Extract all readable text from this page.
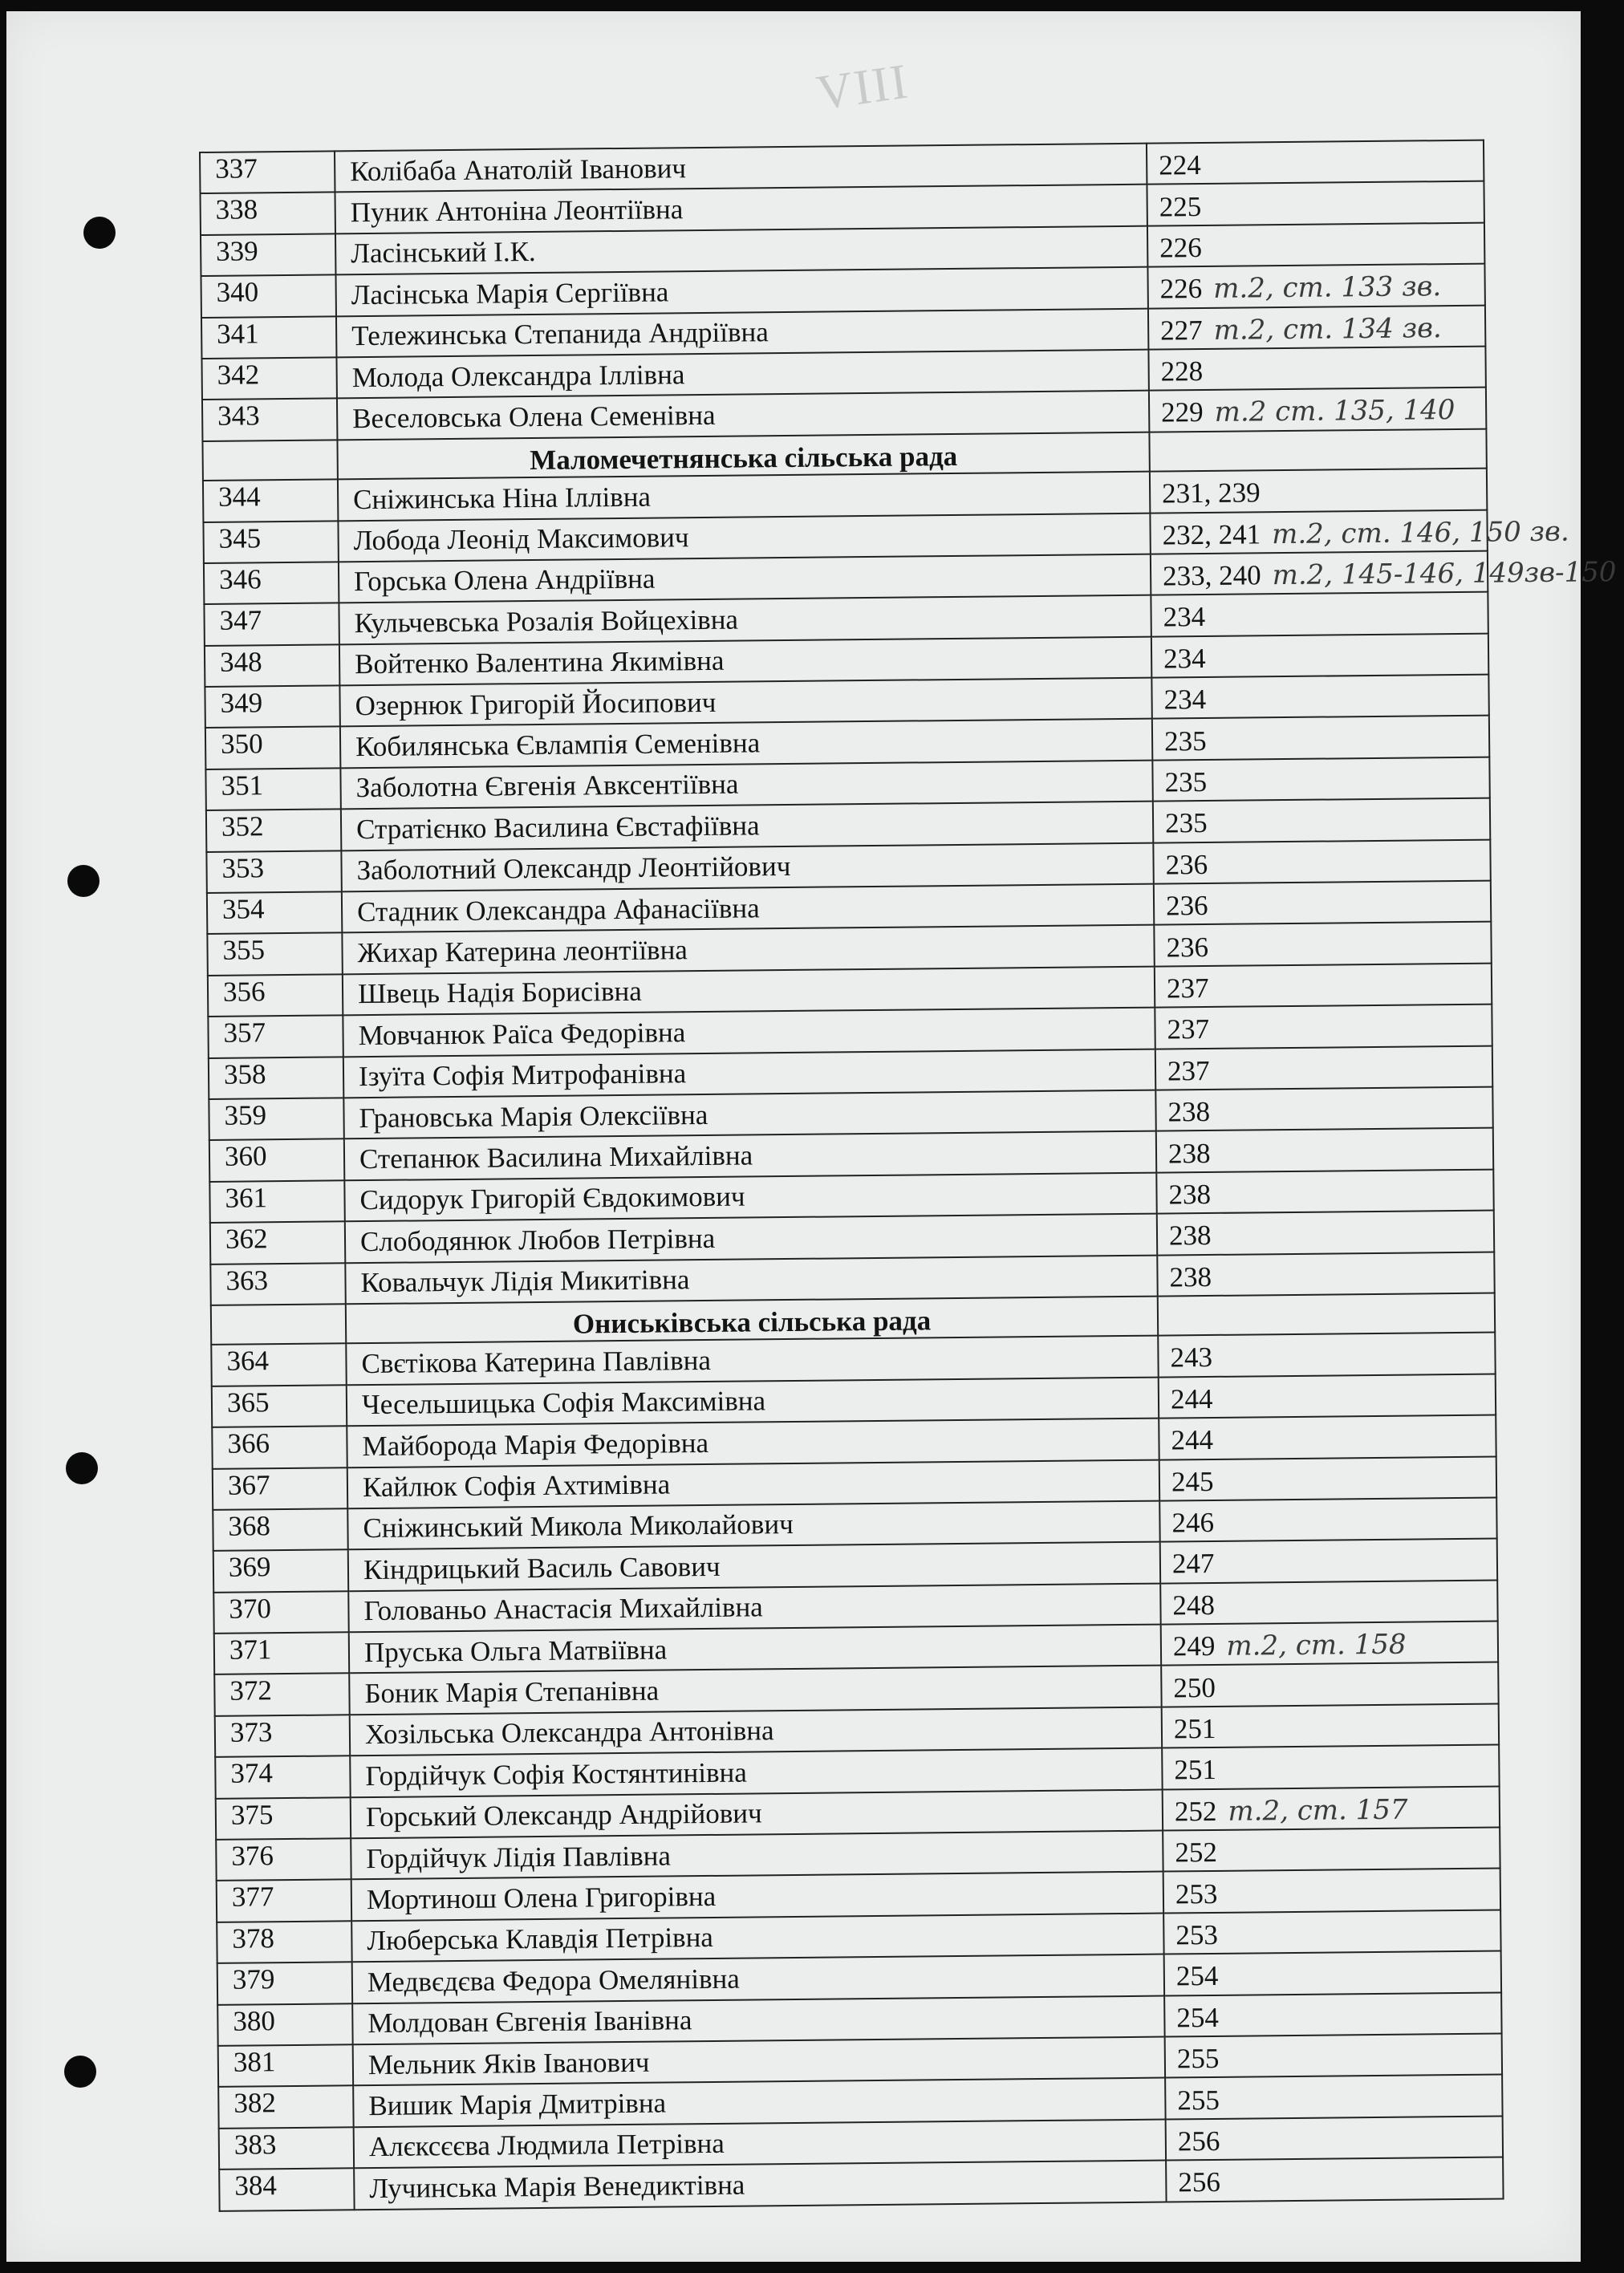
VIII
337	Колібаба Анатолій Іванович	224
338	Пуник Антоніна Леонтіївна	225
339	Ласінський І.К.	226
340	Ласінська Марія Сергіївна	226 т.2, ст. 133 зв.
341	Тележинська Степанида Андріївна	227 т.2, ст. 134 зв.
342	Молода Олександра Іллівна	228
343	Веселовська Олена Семенівна	229 т.2 ст. 135, 140
	Маломечетнянська сільська рада	
344	Сніжинська Ніна Іллівна	231, 239
345	Лобода Леонід Максимович	232, 241 т.2, ст. 146, 150 зв.
346	Горська Олена Андріївна	233, 240 т.2, 145-146, 149зв-150
347	Кульчевська Розалія Войцехівна	234
348	Войтенко Валентина Якимівна	234
349	Озернюк Григорій Йосипович	234
350	Кобилянська Євлампія Семенівна	235
351	Заболотна Євгенія Авксентіївна	235
352	Стратієнко Василина Євстафіївна	235
353	Заболотний Олександр Леонтійович	236
354	Стадник Олександра Афанасіївна	236
355	Жихар Катерина леонтіївна	236
356	Швець Надія Борисівна	237
357	Мовчанюк Раїса Федорівна	237
358	Ізуїта Софія Митрофанівна	237
359	Грановська Марія Олексіївна	238
360	Степанюк Василина Михайлівна	238
361	Сидорук Григорій Євдокимович	238
362	Слободянюк Любов Петрівна	238
363	Ковальчук Лідія Микитівна	238
	Ониськівська сільська рада	
364	Свєтікова Катерина Павлівна	243
365	Чесельшицька Софія Максимівна	244
366	Майборода Марія Федорівна	244
367	Кайлюк Софія Ахтимівна	245
368	Сніжинський Микола Миколайович	246
369	Кіндрицький Василь Савович	247
370	Голованьо Анастасія Михайлівна	248
371	Пруська Ольга Матвіївна	249 т.2, ст. 158
372	Боник Марія Степанівна	250
373	Хозільська Олександра Антонівна	251
374	Гордійчук Софія Костянтинівна	251
375	Горський Олександр Андрійович	252 т.2, ст. 157
376	Гордійчук Лідія Павлівна	252
377	Мортинош Олена Григорівна	253
378	Люберська Клавдія Петрівна	253
379	Медвєдєва Федора Омелянівна	254
380	Молдован Євгенія Іванівна	254
381	Мельник Яків Іванович	255
382	Вишик Марія Дмитрівна	255
383	Алєксєєва Людмила Петрівна	256
384	Лучинська Марія Венедиктівна	256
